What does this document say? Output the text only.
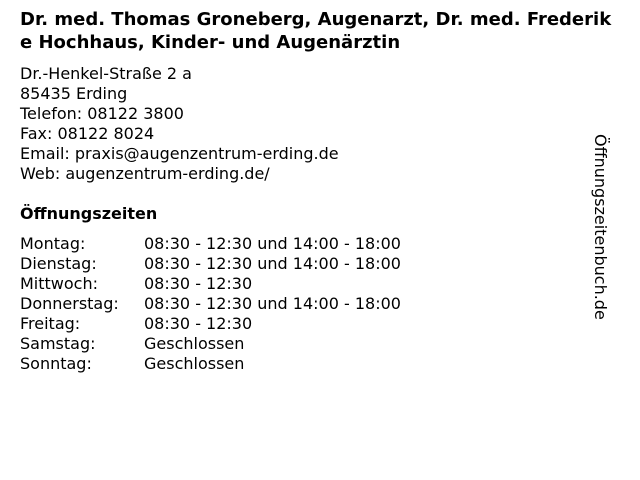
Dr. med. Thomas Groneberg, Augenarzt, Dr. med. Frederike Hochhaus, Kinder- und Augenärztin
Dr.-Henkel-Straße 2 a
85435 Erding
Telefon: 08122 3800
Fax: 08122 8024
Email: praxis@augenzentrum-erding.de
Web: augenzentrum-erding.de/
Öffnungszeiten
Montag:	08:30 - 12:30 und 14:00 - 18:00
Dienstag:	08:30 - 12:30 und 14:00 - 18:00
Mittwoch:	08:30 - 12:30
Donnerstag:	08:30 - 12:30 und 14:00 - 18:00
Freitag:	08:30 - 12:30
Samstag:	Geschlossen
Sonntag:	Geschlossen
Öffnungszeitenbuch.de
